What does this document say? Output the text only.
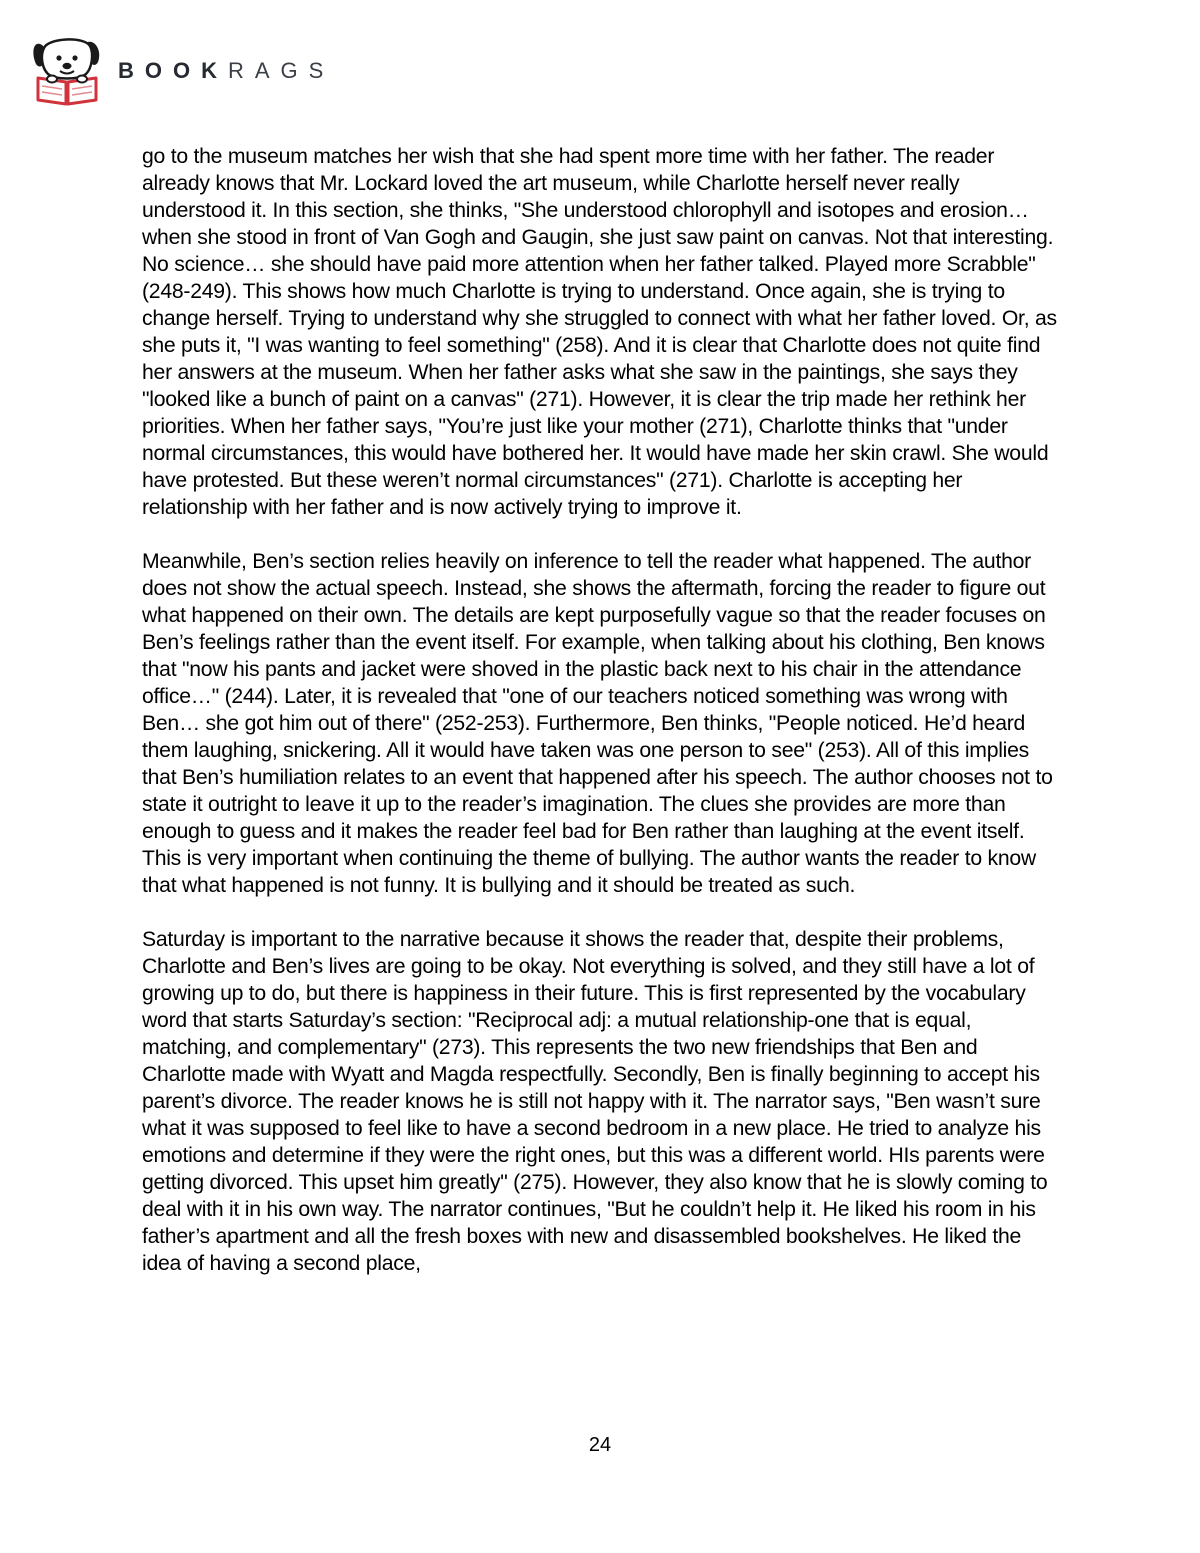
BOOKRAGS

go to the museum matches her wish that she had spent more time with her father. The reader already knows that Mr. Lockard loved the art museum, while Charlotte herself never really understood it. In this section, she thinks, "She understood chlorophyll and isotopes and erosion… when she stood in front of Van Gogh and Gaugin, she just saw paint on canvas. Not that interesting. No science… she should have paid more attention when her father talked. Played more Scrabble" (248-249). This shows how much Charlotte is trying to understand. Once again, she is trying to change herself. Trying to understand why she struggled to connect with what her father loved. Or, as she puts it, "I was wanting to feel something" (258). And it is clear that Charlotte does not quite find her answers at the museum. When her father asks what she saw in the paintings, she says they "looked like a bunch of paint on a canvas" (271). However, it is clear the trip made her rethink her priorities. When her father says, "You’re just like your mother (271), Charlotte thinks that "under normal circumstances, this would have bothered her. It would have made her skin crawl. She would have protested. But these weren’t normal circumstances" (271). Charlotte is accepting her relationship with her father and is now actively trying to improve it.

Meanwhile, Ben’s section relies heavily on inference to tell the reader what happened. The author does not show the actual speech. Instead, she shows the aftermath, forcing the reader to figure out what happened on their own. The details are kept purposefully vague so that the reader focuses on Ben’s feelings rather than the event itself. For example, when talking about his clothing, Ben knows that "now his pants and jacket were shoved in the plastic back next to his chair in the attendance office…" (244). Later, it is revealed that "one of our teachers noticed something was wrong with Ben… she got him out of there" (252-253). Furthermore, Ben thinks, "People noticed. He’d heard them laughing, snickering. All it would have taken was one person to see" (253). All of this implies that Ben’s humiliation relates to an event that happened after his speech. The author chooses not to state it outright to leave it up to the reader’s imagination. The clues she provides are more than enough to guess and it makes the reader feel bad for Ben rather than laughing at the event itself. This is very important when continuing the theme of bullying. The author wants the reader to know that what happened is not funny. It is bullying and it should be treated as such.

Saturday is important to the narrative because it shows the reader that, despite their problems, Charlotte and Ben’s lives are going to be okay. Not everything is solved, and they still have a lot of growing up to do, but there is happiness in their future. This is first represented by the vocabulary word that starts Saturday’s section: "Reciprocal adj: a mutual relationship-one that is equal, matching, and complementary" (273). This represents the two new friendships that Ben and Charlotte made with Wyatt and Magda respectfully. Secondly, Ben is finally beginning to accept his parent’s divorce. The reader knows he is still not happy with it. The narrator says, "Ben wasn’t sure what it was supposed to feel like to have a second bedroom in a new place. He tried to analyze his emotions and determine if they were the right ones, but this was a different world. HIs parents were getting divorced. This upset him greatly" (275). However, they also know that he is slowly coming to deal with it in his own way. The narrator continues, "But he couldn’t help it. He liked his room in his father’s apartment and all the fresh boxes with new and disassembled bookshelves. He liked the idea of having a second place,

24
